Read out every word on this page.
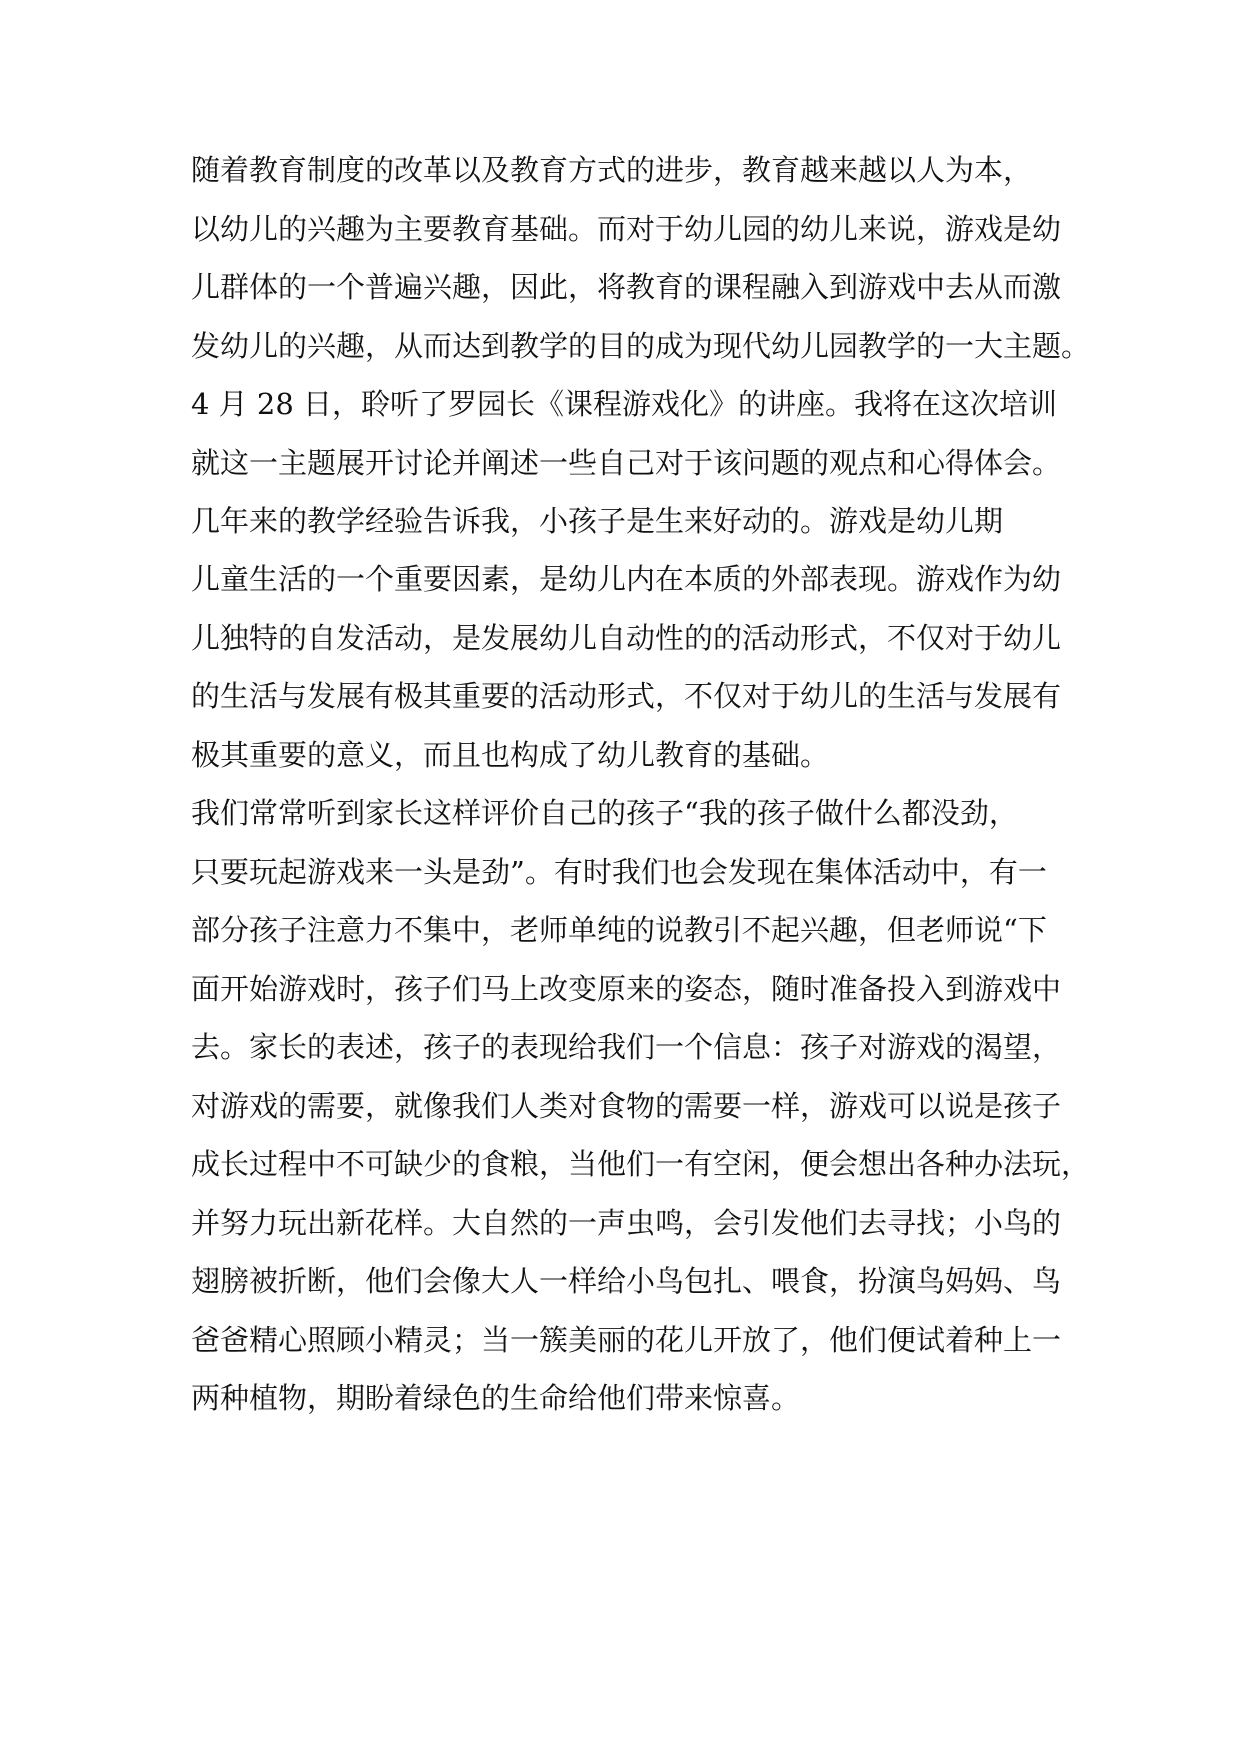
随着教育制度的改革以及教育方式的进步，教育越来越以人为本，
以幼儿的兴趣为主要教育基础。而对于幼儿园的幼儿来说，游戏是幼
儿群体的一个普遍兴趣，因此，将教育的课程融入到游戏中去从而激
发幼儿的兴趣，从而达到教学的目的成为现代幼儿园教学的一大主题。
4 月 28 日，聆听了罗园长《课程游戏化》的讲座。我将在这次培训
就这一主题展开讨论并阐述一些自己对于该问题的观点和心得体会。
几年来的教学经验告诉我，小孩子是生来好动的。游戏是幼儿期
儿童生活的一个重要因素，是幼儿内在本质的外部表现。游戏作为幼
儿独特的自发活动，是发展幼儿自动性的的活动形式，不仅对于幼儿
的生活与发展有极其重要的活动形式，不仅对于幼儿的生活与发展有
极其重要的意义，而且也构成了幼儿教育的基础。
我们常常听到家长这样评价自己的孩子“我的孩子做什么都没劲，
只要玩起游戏来一头是劲”。有时我们也会发现在集体活动中，有一
部分孩子注意力不集中，老师单纯的说教引不起兴趣，但老师说“下
面开始游戏时，孩子们马上改变原来的姿态，随时准备投入到游戏中
去。家长的表述，孩子的表现给我们一个信息：孩子对游戏的渴望，
对游戏的需要，就像我们人类对食物的需要一样，游戏可以说是孩子
成长过程中不可缺少的食粮，当他们一有空闲，便会想出各种办法玩，
并努力玩出新花样。大自然的一声虫鸣，会引发他们去寻找；小鸟的
翅膀被折断，他们会像大人一样给小鸟包扎、喂食，扮演鸟妈妈、鸟
爸爸精心照顾小精灵；当一簇美丽的花儿开放了，他们便试着种上一
两种植物，期盼着绿色的生命给他们带来惊喜。
